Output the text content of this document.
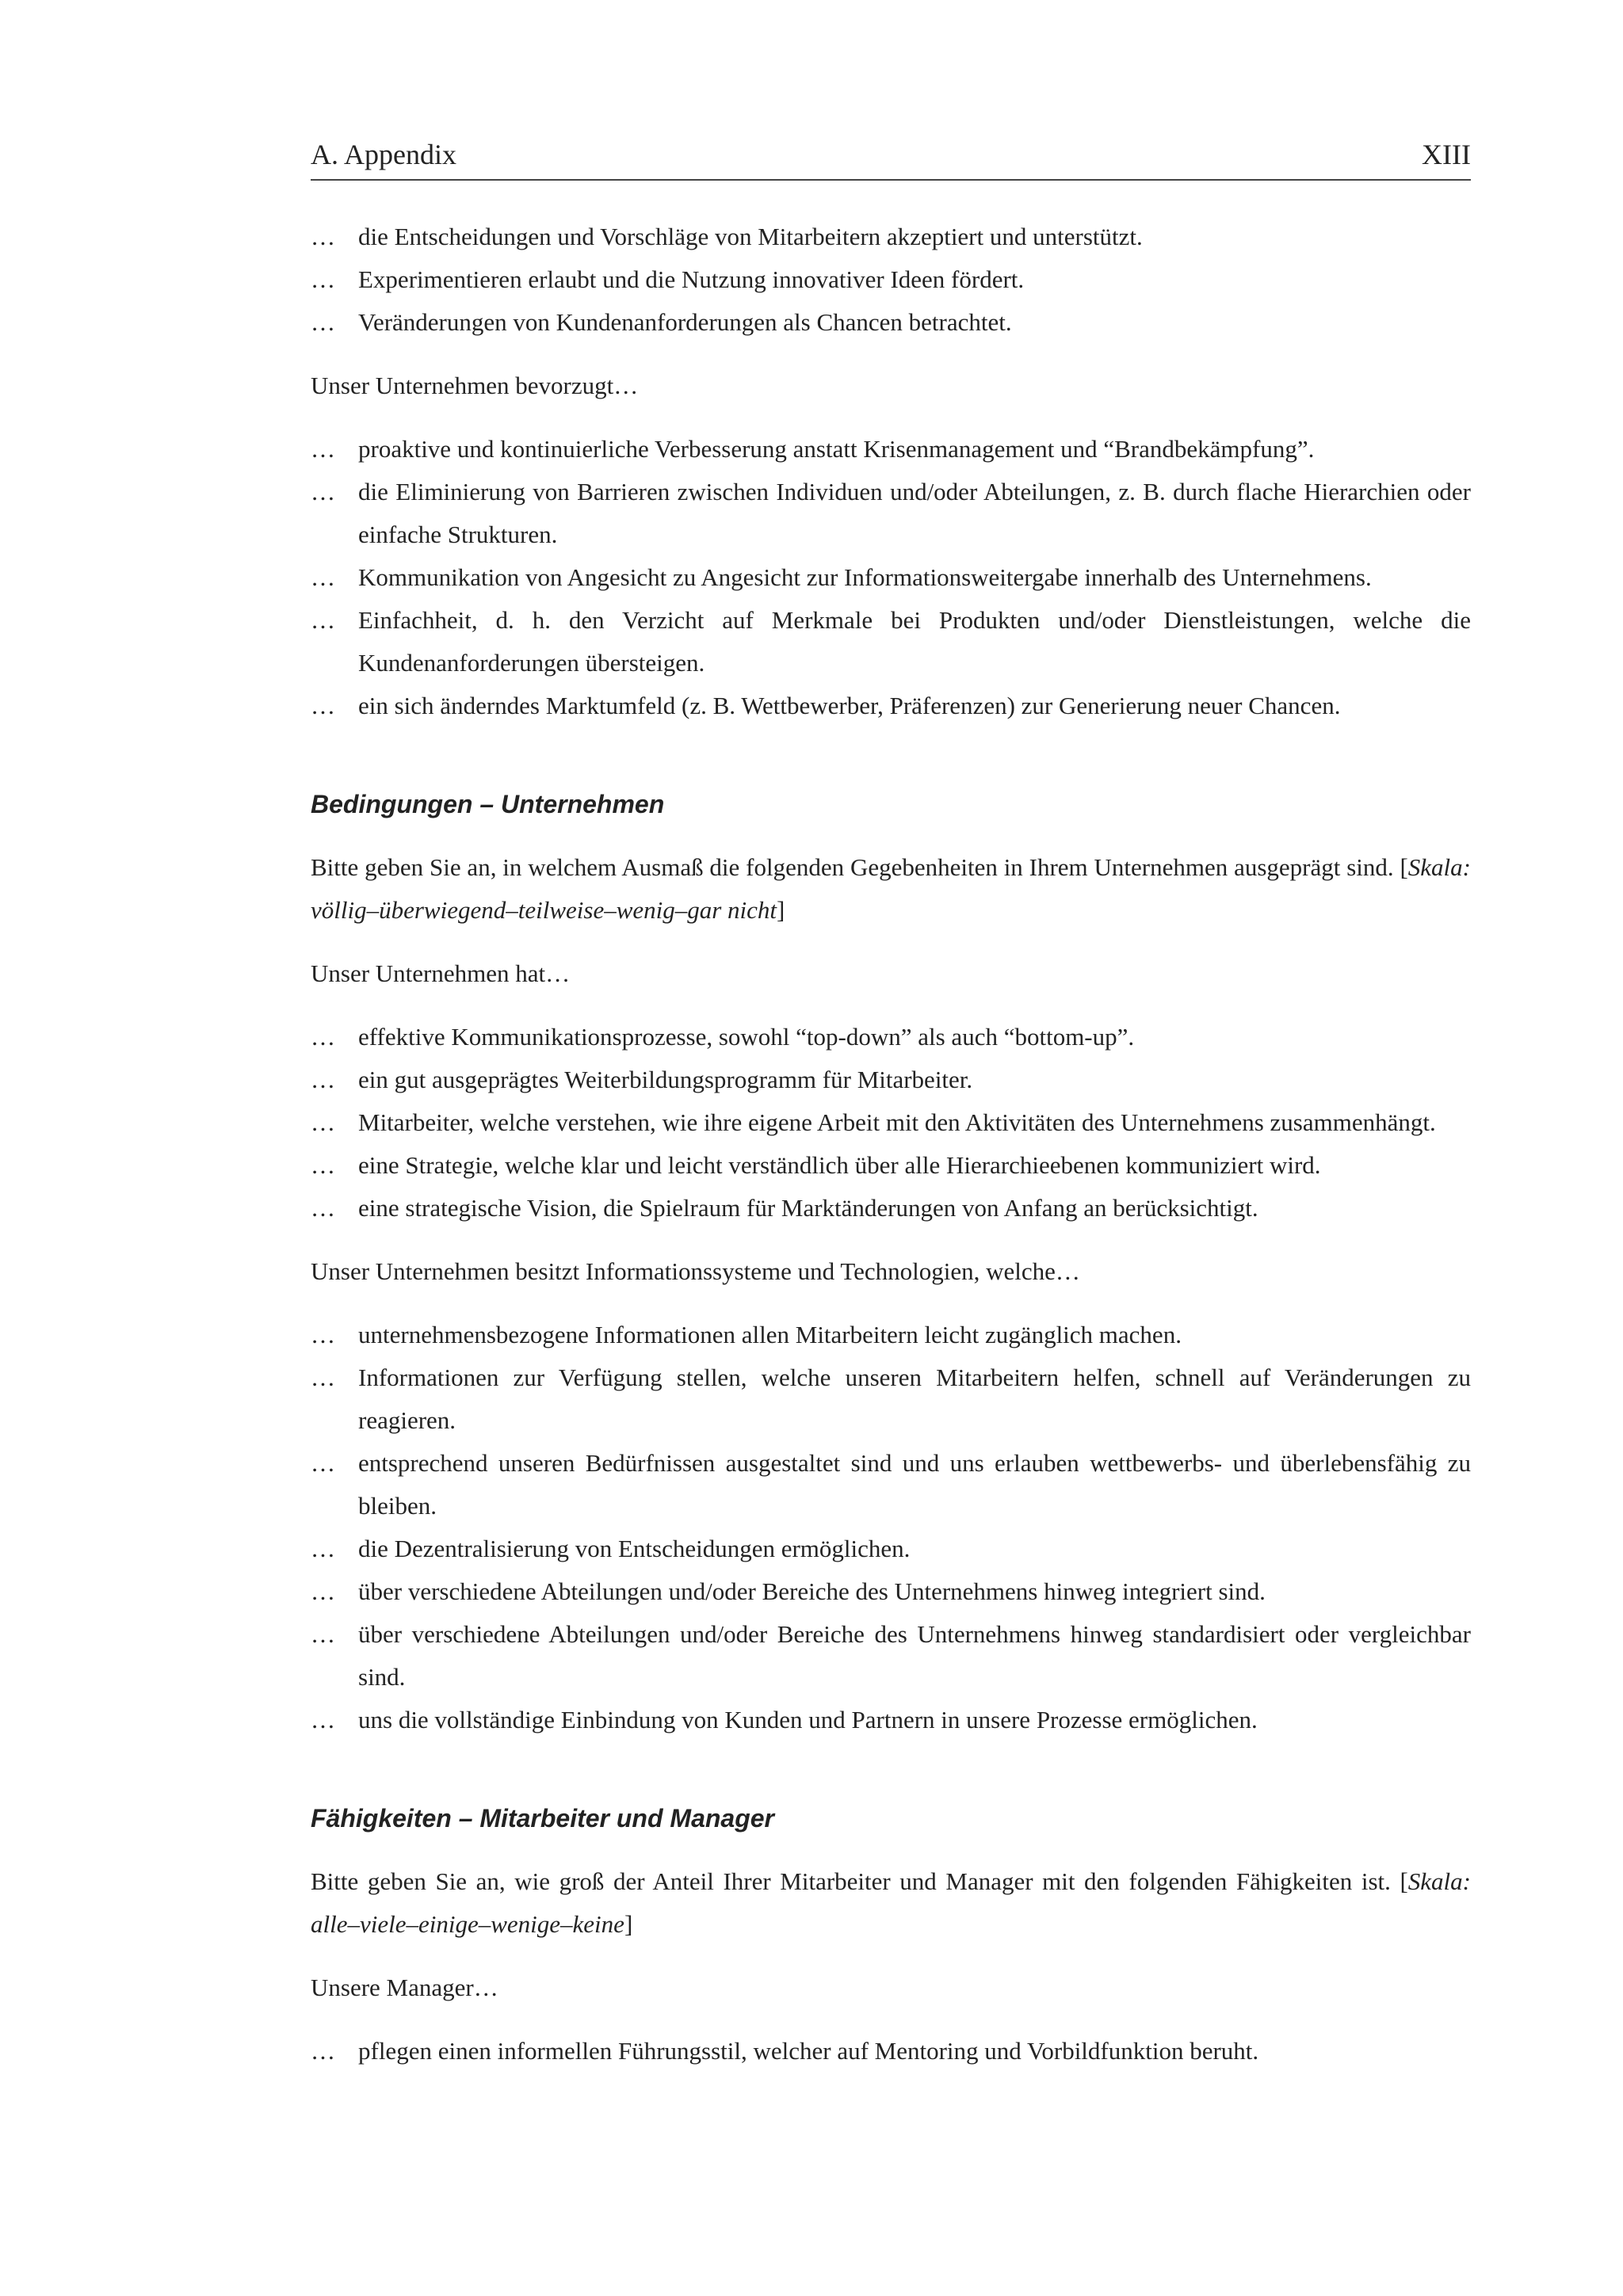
A. Appendix	XIII
… die Entscheidungen und Vorschläge von Mitarbeitern akzeptiert und unterstützt.
… Experimentieren erlaubt und die Nutzung innovativer Ideen fördert.
… Veränderungen von Kundenanforderungen als Chancen betrachtet.
Unser Unternehmen bevorzugt…
… proaktive und kontinuierliche Verbesserung anstatt Krisenmanagement und “Brandbekämpfung”.
… die Eliminierung von Barrieren zwischen Individuen und/oder Abteilungen, z. B. durch flache Hierarchien oder einfache Strukturen.
… Kommunikation von Angesicht zu Angesicht zur Informationsweitergabe innerhalb des Unternehmens.
… Einfachheit, d. h. den Verzicht auf Merkmale bei Produkten und/oder Dienstleistungen, welche die Kundenanforderungen übersteigen.
… ein sich änderndes Marktumfeld (z. B. Wettbewerber, Präferenzen) zur Generierung neuer Chancen.
Bedingungen – Unternehmen
Bitte geben Sie an, in welchem Ausmaß die folgenden Gegebenheiten in Ihrem Unternehmen ausgeprägt sind. [Skala: völlig–überwiegend–teilweise–wenig–gar nicht]
Unser Unternehmen hat…
… effektive Kommunikationsprozesse, sowohl “top-down” als auch “bottom-up”.
… ein gut ausgeprägtes Weiterbildungsprogramm für Mitarbeiter.
… Mitarbeiter, welche verstehen, wie ihre eigene Arbeit mit den Aktivitäten des Unternehmens zusammenhängt.
… eine Strategie, welche klar und leicht verständlich über alle Hierarchieebenen kommuniziert wird.
… eine strategische Vision, die Spielraum für Marktänderungen von Anfang an berücksichtigt.
Unser Unternehmen besitzt Informationssysteme und Technologien, welche…
… unternehmensbezogene Informationen allen Mitarbeitern leicht zugänglich machen.
… Informationen zur Verfügung stellen, welche unseren Mitarbeitern helfen, schnell auf Veränderungen zu reagieren.
… entsprechend unseren Bedürfnissen ausgestaltet sind und uns erlauben wettbewerbs- und überlebensfähig zu bleiben.
… die Dezentralisierung von Entscheidungen ermöglichen.
… über verschiedene Abteilungen und/oder Bereiche des Unternehmens hinweg integriert sind.
… über verschiedene Abteilungen und/oder Bereiche des Unternehmens hinweg standardisiert oder vergleichbar sind.
… uns die vollständige Einbindung von Kunden und Partnern in unsere Prozesse ermöglichen.
Fähigkeiten – Mitarbeiter und Manager
Bitte geben Sie an, wie groß der Anteil Ihrer Mitarbeiter und Manager mit den folgenden Fähigkeiten ist. [Skala: alle–viele–einige–wenige–keine]
Unsere Manager…
… pflegen einen informellen Führungsstil, welcher auf Mentoring und Vorbildfunktion beruht.
